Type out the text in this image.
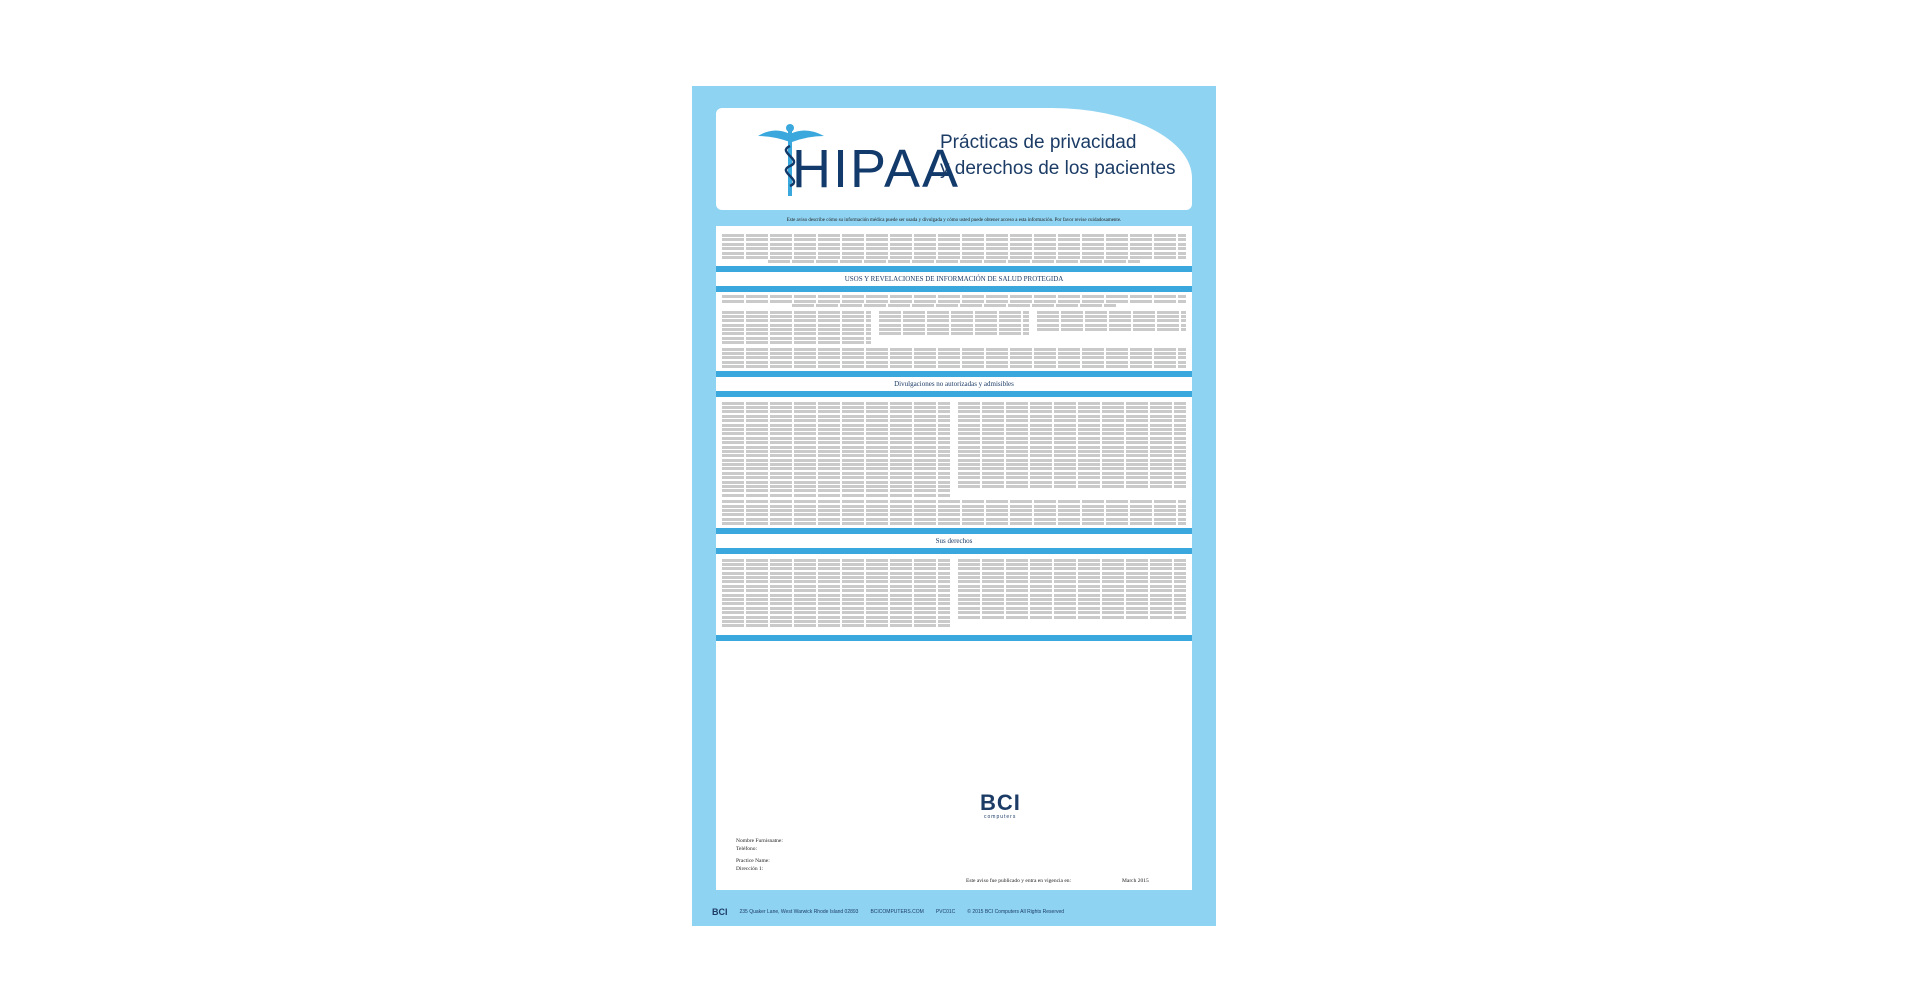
HIPAA
Prácticas de privacidad
y derechos de los pacientes
Este aviso describe cómo su información médica puede ser usada y divulgada y cómo usted puede obtener acceso a esta información. Por favor revise cuidadosamente.
USOS Y REVELACIONES DE INFORMACIÓN DE SALUD PROTEGIDA
Divulgaciones no autorizadas y admisibles
Sus derechos
Nombre Furnisnatne:
Teléfono:
Practice Name:
Dirección 1:
Este aviso fue publicado y entra en vigencia en:	March 2015
BCI
computers
BCI 235 Quaker Lane, West Warwick Rhode Island 02893 BCICOMPUTERS.COM PVC01C © 2015 BCI Computers All Rights Reserved
